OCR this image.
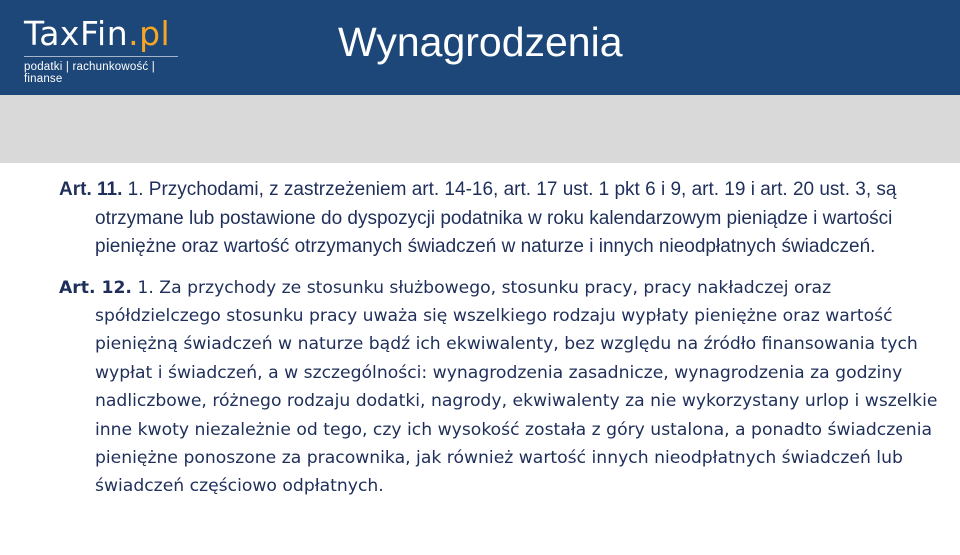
TaxFin.pl
podatki | rachunkowość | finanse
Wynagrodzenia

Art. 11. 1. Przychodami, z zastrzeżeniem art. 14-16, art. 17 ust. 1 pkt 6 i 9, art. 19 i art. 20 ust. 3, są otrzymane lub postawione do dyspozycji podatnika w roku kalendarzowym pieniądze i wartości pieniężne oraz wartość otrzymanych świadczeń w naturze i innych nieodpłatnych świadczeń.

Art. 12. 1. Za przychody ze stosunku służbowego, stosunku pracy, pracy nakładczej oraz spółdzielczego stosunku pracy uważa się wszelkiego rodzaju wypłaty pieniężne oraz wartość pieniężną świadczeń w naturze bądź ich ekwiwalenty, bez względu na źródło finansowania tych wypłat i świadczeń, a w szczególności: wynagrodzenia zasadnicze, wynagrodzenia za godziny nadliczbowe, różnego rodzaju dodatki, nagrody, ekwiwalenty za nie wykorzystany urlop i wszelkie inne kwoty niezależnie od tego, czy ich wysokość została z góry ustalona, a ponadto świadczenia pieniężne ponoszone za pracownika, jak również wartość innych nieodpłatnych świadczeń lub świadczeń częściowo odpłatnych.
